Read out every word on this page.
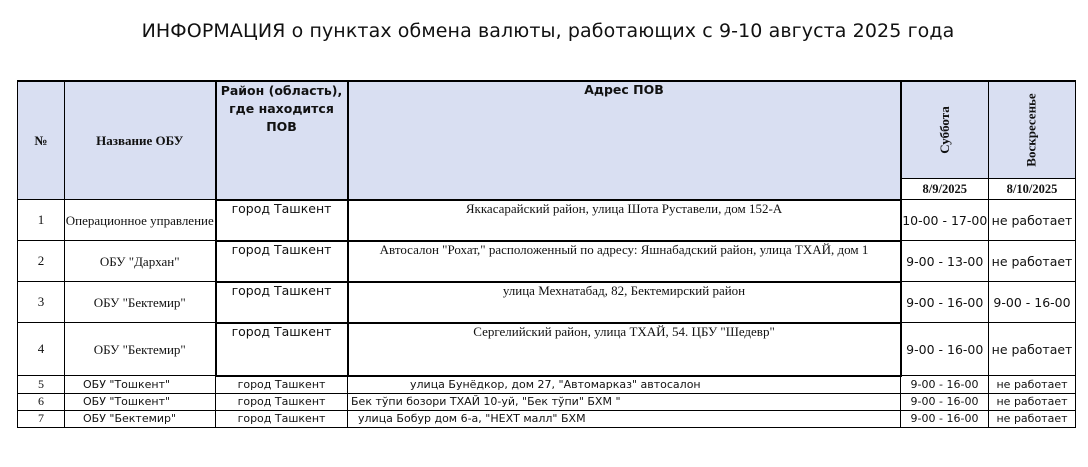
ИНФОРМАЦИЯ о пунктах обмена валюты, работающих с 9-10 августа 2025 года
№	Название ОБУ	Район (область), где находится ПОВ	Адрес ПОВ	Суббота	Воскресенье
				8/9/2025	8/10/2025
1	Операционное управление	город Ташкент	Яккасарайский район, улица Шота Руставели, дом 152-А	10-00 - 17-00	не работает
2	ОБУ "Дархан"	город Ташкент	Автосалон "Рохат," расположенный по адресу: Яшнабадский район, улица ТХАЙ, дом 1	9-00 - 13-00	не работает
3	ОБУ "Бектемир"	город Ташкент	улица Мехнатабад, 82, Бектемирский район	9-00 - 16-00	9-00 - 16-00
4	ОБУ "Бектемир"	город Ташкент	Сергелийский район, улица ТХАЙ, 54. ЦБУ "Шедевр"	9-00 - 16-00	не работает
5	ОБУ "Тошкент"	город Ташкент	улица Бунёдкор, дом 27, "Автомарказ" автосалон	9-00 - 16-00	не работает
6	ОБУ "Тошкент"	город Ташкент	Бек тўпи бозори ТХАЙ 10-уй, "Бек тўпи" БХМ "	9-00 - 16-00	не работает
7	ОБУ "Бектемир"	город Ташкент	улица Бобур дом 6-а, "НЕХТ малл" БХМ	9-00 - 16-00	не работает
